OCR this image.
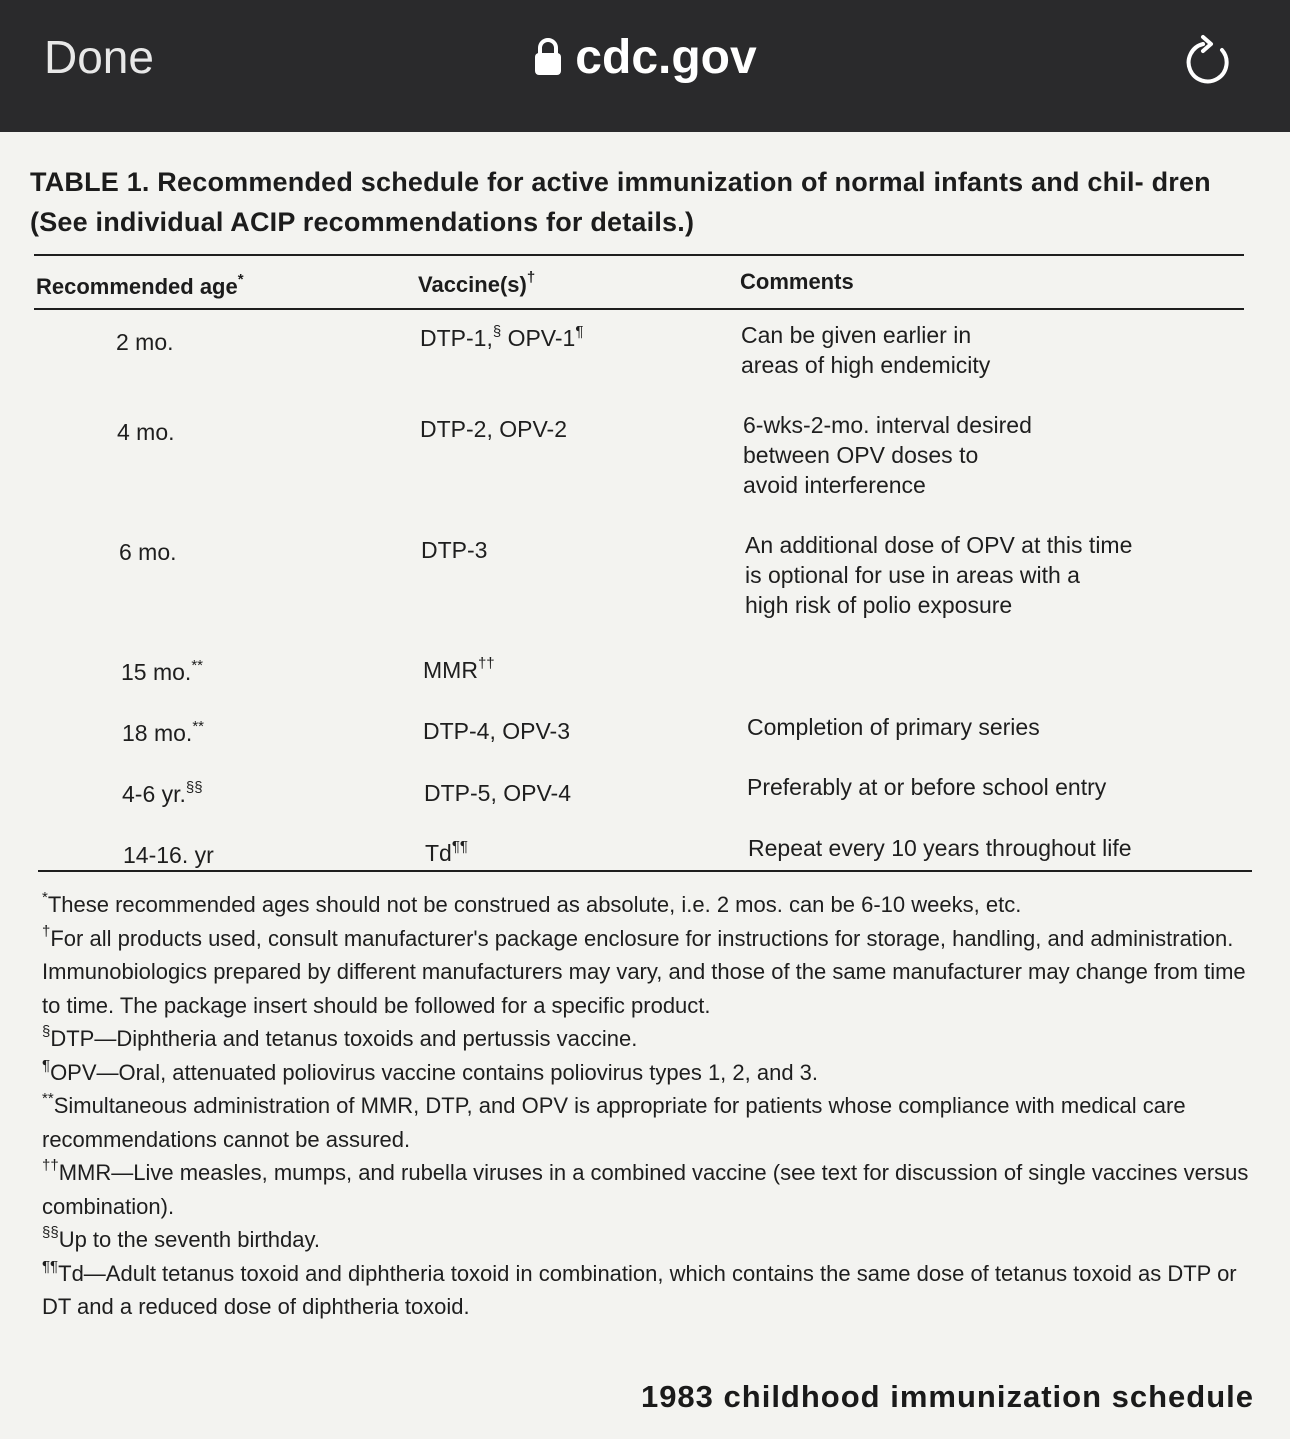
Done	cdc.gov
TABLE 1. Recommended schedule for active immunization of normal infants and chil- dren (See individual ACIP recommendations for details.)
Recommended age*	Vaccine(s)†	Comments
2 mo.	DTP-1,§ OPV-1¶	Can be given earlier in
areas of high endemicity
4 mo.	DTP-2, OPV-2	6-wks-2-mo. interval desired
between OPV doses to
avoid interference
6 mo.	DTP-3	An additional dose of OPV at this time
is optional for use in areas with a
high risk of polio exposure
15 mo.**	MMR††
18 mo.**	DTP-4, OPV-3	Completion of primary series
4-6 yr.§§	DTP-5, OPV-4	Preferably at or before school entry
14-16. yr	Td¶¶	Repeat every 10 years throughout life

*These recommended ages should not be construed as absolute, i.e. 2 mos. can be 6-10 weeks, etc.

†For all products used, consult manufacturer's package enclosure for instructions for storage, handling, and administration. Immunobiologics prepared by different manufacturers may vary, and those of the same manufacturer may change from time to time. The package insert should be followed for a specific product.

§DTP—Diphtheria and tetanus toxoids and pertussis vaccine.

¶OPV—Oral, attenuated poliovirus vaccine contains poliovirus types 1, 2, and 3.

**Simultaneous administration of MMR, DTP, and OPV is appropriate for patients whose compliance with medical care recommendations cannot be assured.

††MMR—Live measles, mumps, and rubella viruses in a combined vaccine (see text for discussion of single vaccines versus combination).

§§Up to the seventh birthday.

¶¶Td—Adult tetanus toxoid and diphtheria toxoid in combination, which contains the same dose of tetanus toxoid as DTP or DT and a reduced dose of diphtheria toxoid.

1983 childhood immunization schedule
